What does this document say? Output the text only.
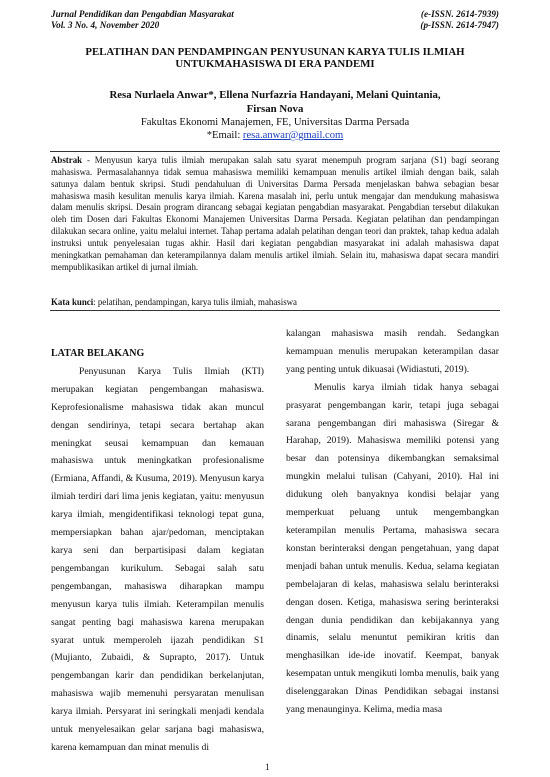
Jurnal Pendidikan dan Pengabdian Masyarakat	(e-ISSN. 2614-7939)
Vol. 3 No. 4, November 2020	(p-ISSN. 2614-7947)
PELATIHAN DAN PENDAMPINGAN PENYUSUNAN KARYA TULIS ILMIAH UNTUKMAHASISWA DI ERA PANDEMI
Resa Nurlaela Anwar*, Ellena Nurfazria Handayani, Melani Quintania,
Firsan Nova
Fakultas Ekonomi Manajemen, FE, Universitas Darma Persada
*Email: resa.anwar@gmail.com
Abstrak - Menyusun karya tulis ilmiah merupakan salah satu syarat menempuh program sarjana (S1) bagi seorang mahasiswa. Permasalahannya tidak semua mahasiswa memiliki kemampuan menulis artikel ilmiah dengan baik, salah satunya dalam bentuk skripsi. Studi pendahuluan di Universitas Darma Persada menjelaskan bahwa sebagian besar mahasiswa masih kesulitan menulis karya ilmiah. Karena masalah ini, perlu untuk mengajar dan mendukung mahasiswa dalam menulis skripsi. Desain program dirancang sebagai kegiatan pengabdian masyarakat. Pengabdian tersebut dilakukan oleh tim Dosen dari Fakultas Ekonomi Manajemen Universitas Darma Persada. Kegiatan pelatihan dan pendampingan dilakukan secara online, yaitu melalui internet. Tahap pertama adalah pelatihan dengan teori dan praktek, tahap kedua adalah instruksi untuk penyelesaian tugas akhir. Hasil dari kegiatan pengabdian masyarakat ini adalah mahasiswa dapat meningkatkan pemahaman dan keterampilannya dalam menulis artikel ilmiah. Selain itu, mahasiswa dapat secara mandiri mempublikasikan artikel di jurnal ilmiah.
Kata kunci: pelatihan, pendampingan, karya tulis ilmiah, mahasiswa

LATAR BELAKANG

Penyusunan Karya Tulis Ilmiah (KTI) merupakan kegiatan pengembangan mahasiswa. Keprofesionalisme mahasiswa tidak akan muncul dengan sendirinya, tetapi secara bertahap akan meningkat seusai kemampuan dan kemauan mahasiswa untuk meningkatkan profesionalisme (Ermiana, Affandi, & Kusuma, 2019). Menyusun karya ilmiah terdiri dari lima jenis kegiatan, yaitu: menyusun karya ilmiah, mengidentifikasi teknologi tepat guna, mempersiapkan bahan ajar/pedoman, menciptakan karya seni dan berpartisipasi dalam kegiatan pengembangan kurikulum. Sebagai salah satu pengembangan, mahasiswa diharapkan mampu menyusun karya tulis ilmiah. Keterampilan menulis sangat penting bagi mahasiswa karena merupakan syarat untuk memperoleh ijazah pendidikan S1 (Mujianto, Zubaidi, & Suprapto, 2017). Untuk pengembangan karir dan pendidikan berkelanjutan, mahasiswa wajib memenuhi persyaratan menulisan karya ilmiah. Persyarat ini seringkali menjadi kendala untuk menyelesaikan gelar sarjana bagi mahasiswa, karena kemampuan dan minat menulis di

kalangan mahasiswa masih rendah. Sedangkan kemampuan menulis merupakan keterampilan dasar yang penting untuk dikuasai (Widiastuti, 2019).

Menulis karya ilmiah tidak hanya sebagai prasyarat pengembangan karir, tetapi juga sebagai sarana pengembangan diri mahasiswa (Siregar & Harahap, 2019). Mahasiswa memiliki potensi yang besar dan potensinya dikembangkan semaksimal mungkin melalui tulisan (Cahyani, 2010). Hal ini didukung oleh banyaknya kondisi belajar yang memperkuat peluang untuk mengembangkan keterampilan menulis Pertama, mahasiswa secara konstan berinteraksi dengan pengetahuan, yang dapat menjadi bahan untuk menulis. Kedua, selama kegiatan pembelajaran di kelas, mahasiswa selalu berinteraksi dengan dosen. Ketiga, mahasiswa sering berinteraksi dengan dunia pendidikan dan kebijakannya yang dinamis, selalu menuntut pemikiran kritis dan menghasilkan ide-ide inovatif. Keempat, banyak kesempatan untuk mengikuti lomba menulis, baik yang diselenggarakan Dinas Pendidikan sebagai instansi yang menaunginya. Kelima, media masa

1
